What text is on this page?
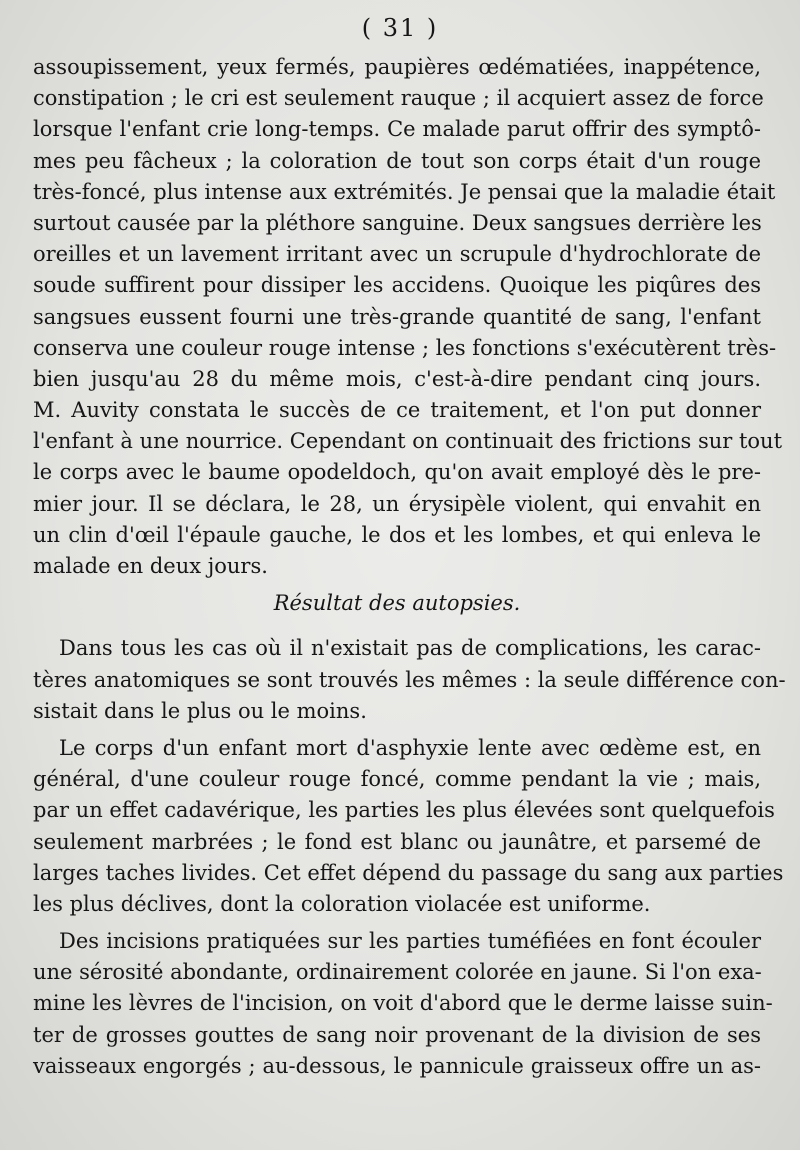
( 31 )
assoupissement, yeux fermés, paupières œdématiées, inappétence,
constipation ; le cri est seulement rauque ; il acquiert assez de force
lorsque l'enfant crie long-temps. Ce malade parut offrir des symptô-
mes peu fâcheux ; la coloration de tout son corps était d'un rouge
très-foncé, plus intense aux extrémités. Je pensai que la maladie était
surtout causée par la pléthore sanguine. Deux sangsues derrière les
oreilles et un lavement irritant avec un scrupule d'hydrochlorate de
soude suffirent pour dissiper les accidens. Quoique les piqûres des
sangsues eussent fourni une très-grande quantité de sang, l'enfant
conserva une couleur rouge intense ; les fonctions s'exécutèrent très-
bien jusqu'au 28 du même mois, c'est-à-dire pendant cinq jours.
M. Auvity constata le succès de ce traitement, et l'on put donner
l'enfant à une nourrice. Cependant on continuait des frictions sur tout
le corps avec le baume opodeldoch, qu'on avait employé dès le pre-
mier jour. Il se déclara, le 28, un érysipèle violent, qui envahit en
un clin d'œil l'épaule gauche, le dos et les lombes, et qui enleva le
malade en deux jours.
Résultat des autopsies.
Dans tous les cas où il n'existait pas de complications, les carac-
tères anatomiques se sont trouvés les mêmes : la seule différence con-
sistait dans le plus ou le moins.
Le corps d'un enfant mort d'asphyxie lente avec œdème est, en
général, d'une couleur rouge foncé, comme pendant la vie ; mais,
par un effet cadavérique, les parties les plus élevées sont quelquefois
seulement marbrées ; le fond est blanc ou jaunâtre, et parsemé de
larges taches livides. Cet effet dépend du passage du sang aux parties
les plus déclives, dont la coloration violacée est uniforme.
Des incisions pratiquées sur les parties tuméfiées en font écouler
une sérosité abondante, ordinairement colorée en jaune. Si l'on exa-
mine les lèvres de l'incision, on voit d'abord que le derme laisse suin-
ter de grosses gouttes de sang noir provenant de la division de ses
vaisseaux engorgés ; au-dessous, le pannicule graisseux offre un as-
